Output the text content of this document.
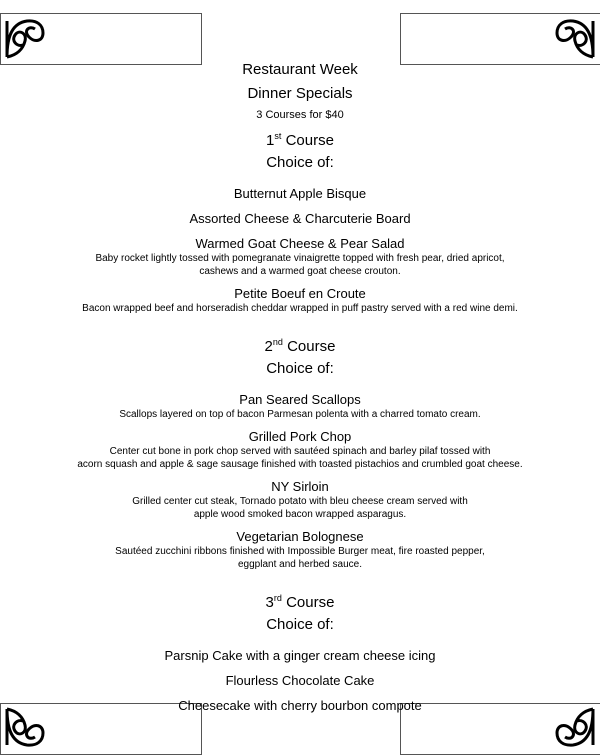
Restaurant Week
Dinner Specials
3 Courses for $40
1st Course
Choice of:
Butternut Apple Bisque
Assorted Cheese & Charcuterie Board
Warmed Goat Cheese & Pear Salad
Baby rocket lightly tossed with pomegranate vinaigrette topped with fresh pear, dried apricot,
cashews and a warmed goat cheese crouton.
Petite Boeuf en Croute
Bacon wrapped beef and horseradish cheddar wrapped in puff pastry served with a red wine demi.
2nd Course
Choice of:
Pan Seared Scallops
Scallops layered on top of bacon Parmesan polenta with a charred tomato cream.
Grilled Pork Chop
Center cut bone in pork chop served with sautéed spinach and barley pilaf tossed with
acorn squash and apple & sage sausage finished with toasted pistachios and crumbled goat cheese.
NY Sirloin
Grilled center cut steak, Tornado potato with bleu cheese cream served with
apple wood smoked bacon wrapped asparagus.
Vegetarian Bolognese
Sautéed zucchini ribbons finished with Impossible Burger meat, fire roasted pepper,
eggplant and herbed sauce.
3rd Course
Choice of:
Parsnip Cake with a ginger cream cheese icing
Flourless Chocolate Cake
Cheesecake with cherry bourbon compote
